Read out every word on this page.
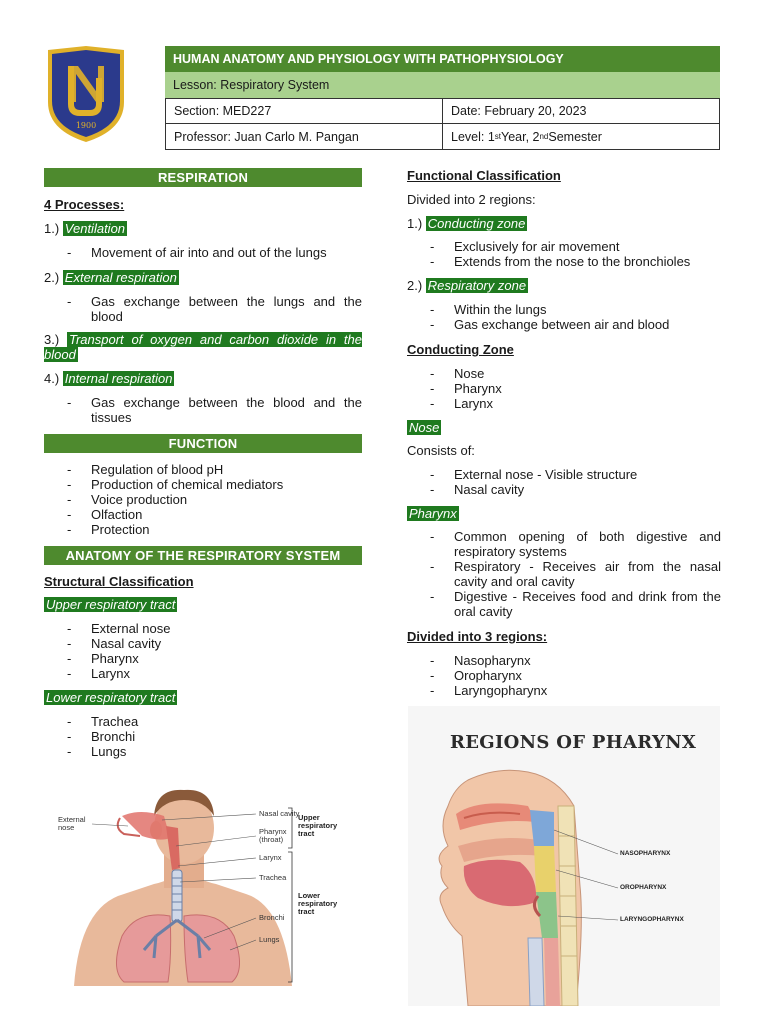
1900
HUMAN ANATOMY AND PHYSIOLOGY WITH PATHOPHYSIOLOGY
Lesson: Respiratory System
Section: MED227	Date: February 20, 2023
Professor: Juan Carlo M. Pangan	Level: 1 st Year, 2 nd Semester
RESPIRATION
4 Processes:
1.) Ventilation
- Movement of air into and out of the lungs
2.) External respiration
- Gas exchange between the lungs and the blood
3.) Transport of oxygen and carbon dioxide in the blood
4.) Internal respiration
- Gas exchange between the blood and the tissues
FUNCTION
- Regulation of blood pH
- Production of chemical mediators
- Voice production
- Olfaction
- Protection
ANATOMY OF THE RESPIRATORY SYSTEM
Structural Classification
Upper respiratory tract
- External nose
- Nasal cavity
- Pharynx
- Larynx
Lower respiratory tract
- Trachea
- Bronchi
- Lungs
External nose
Nasal cavity
Pharynx (throat)
Larynx
Trachea
Bronchi
Lungs
Upper respiratory tract
Lower respiratory tract
Functional Classification
Divided into 2 regions:
1.) Conducting zone
- Exclusively for air movement
- Extends from the nose to the bronchioles
2.) Respiratory zone
- Within the lungs
- Gas exchange between air and blood
Conducting Zone
- Nose
- Pharynx
- Larynx
Nose
Consists of:
- External nose - Visible structure
- Nasal cavity
Pharynx
- Common opening of both digestive and respiratory systems
- Respiratory - Receives air from the nasal cavity and oral cavity
- Digestive - Receives food and drink from the oral cavity
Divided into 3 regions:
- Nasopharynx
- Oropharynx
- Laryngopharynx
REGIONS OF PHARYNX
NASOPHARYNX
OROPHARYNX
LARYNGOPHARYNX
